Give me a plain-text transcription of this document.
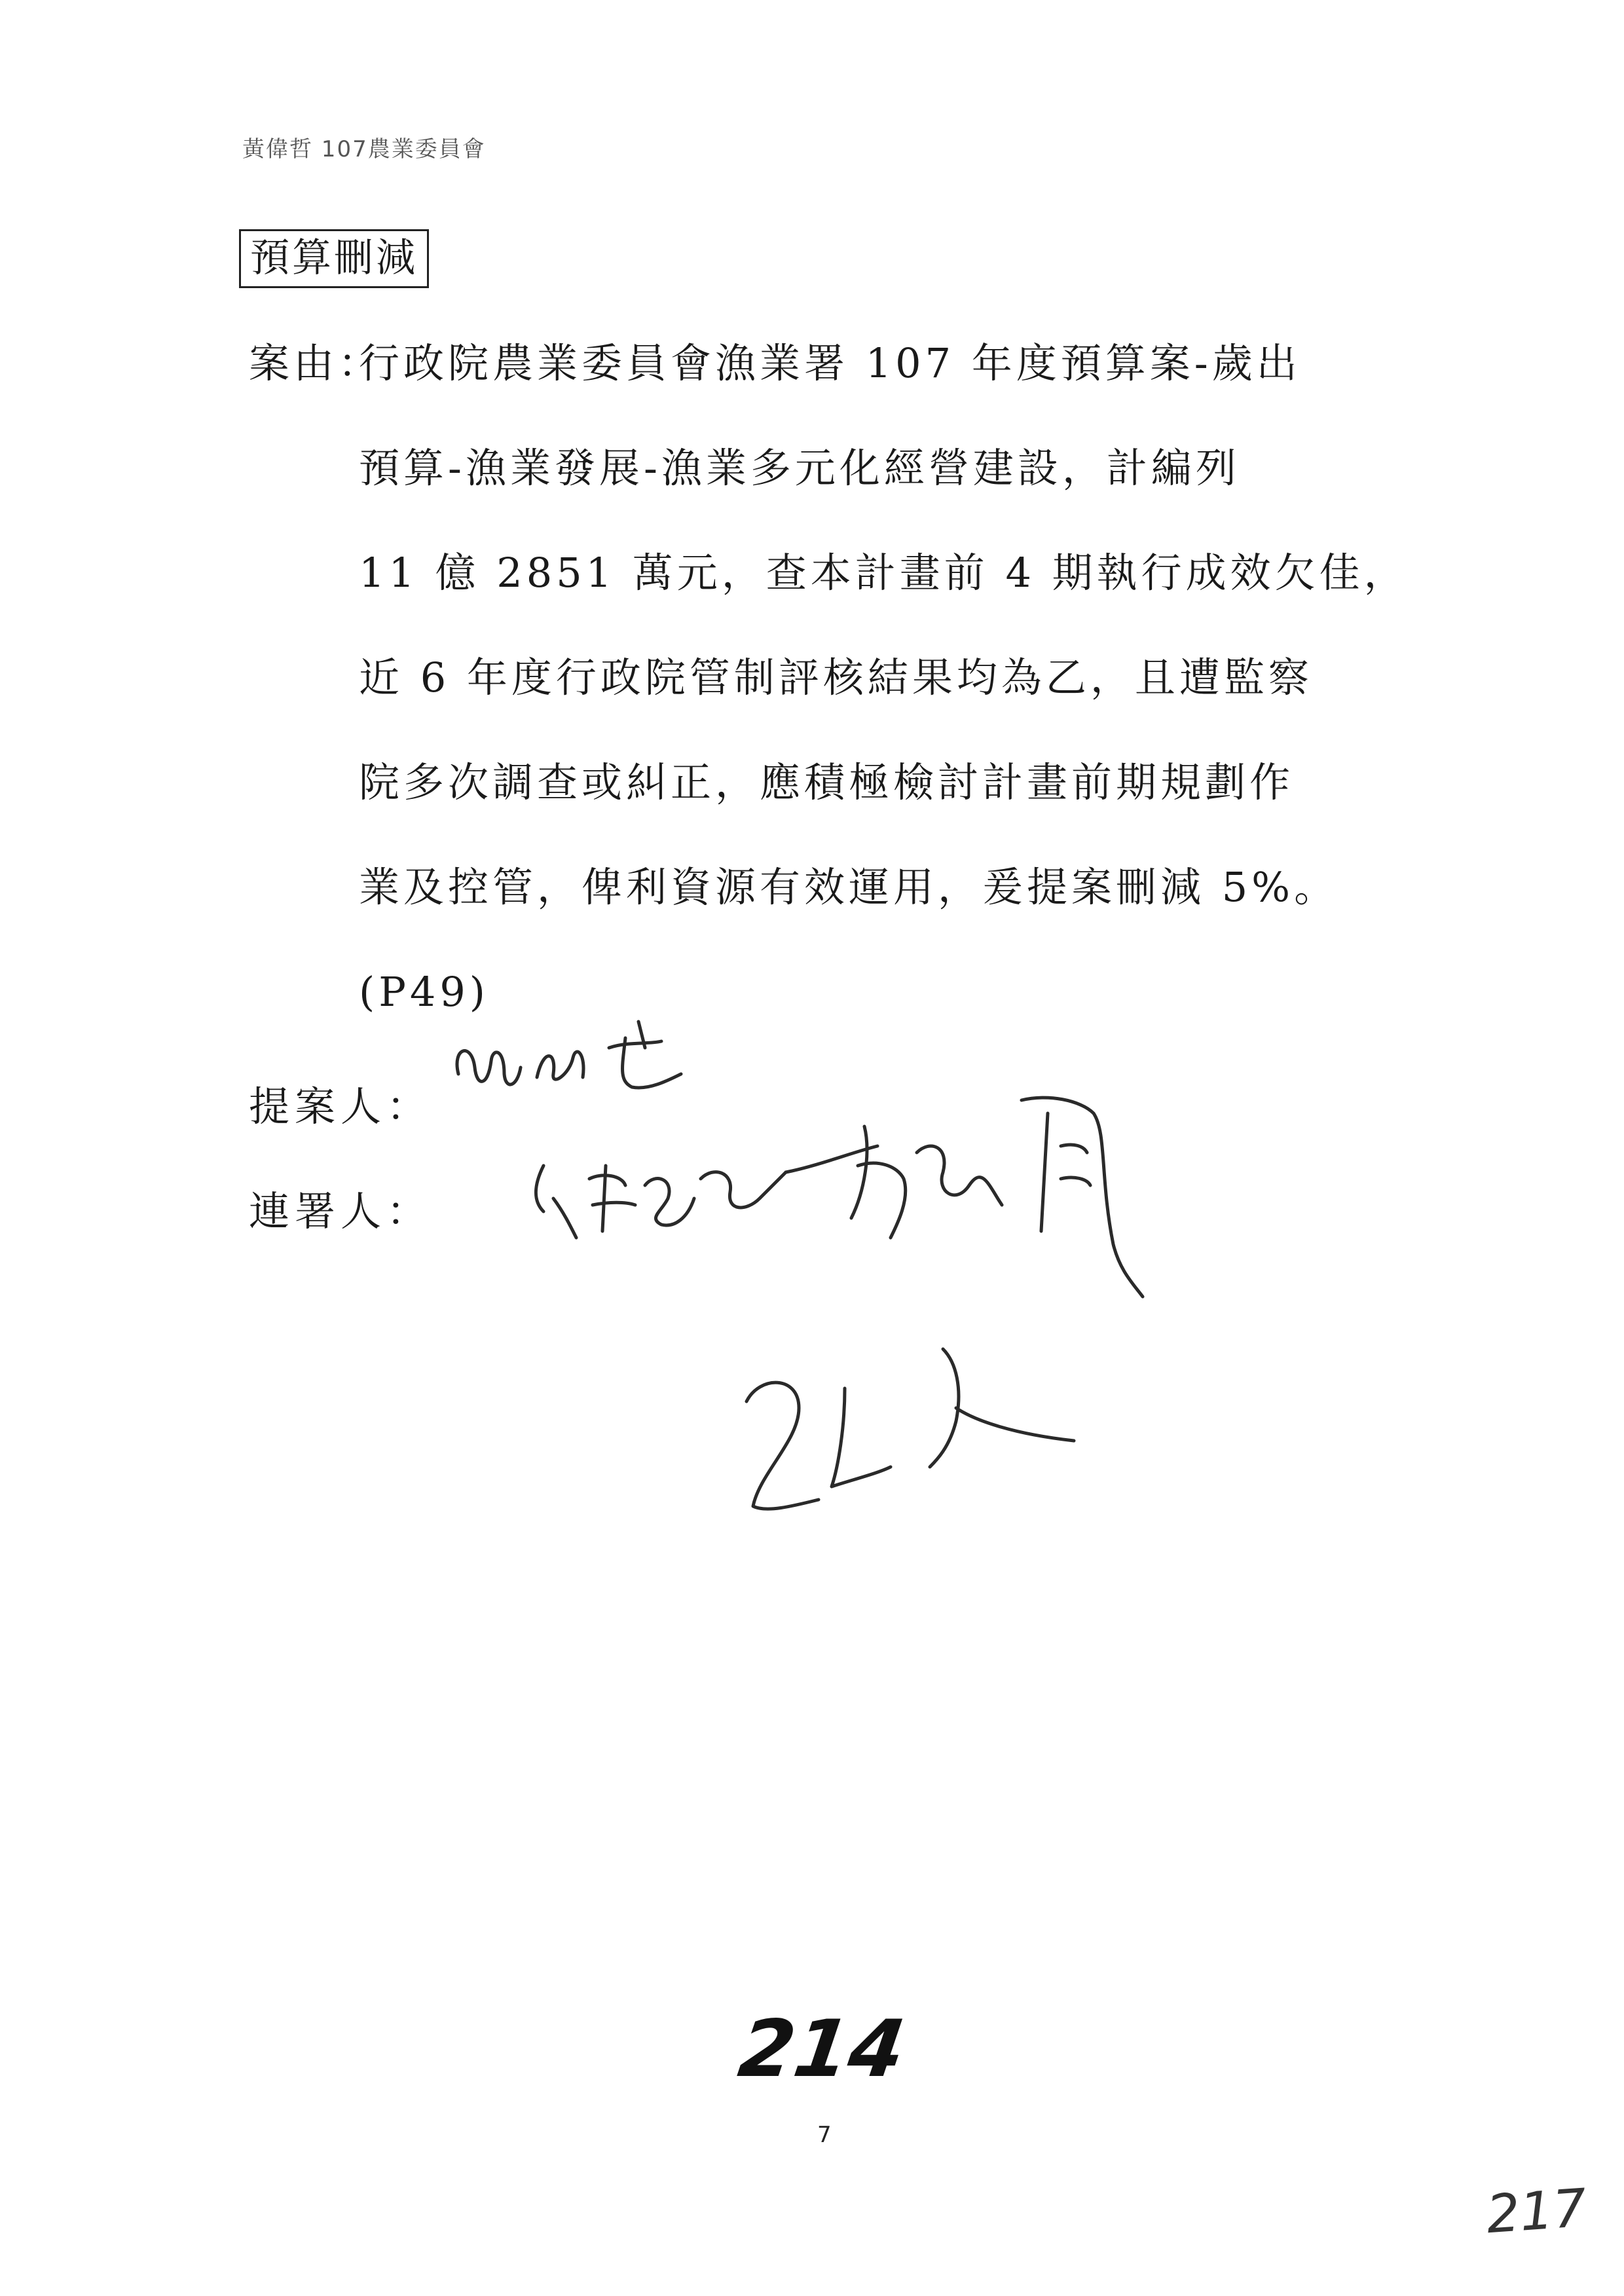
黃偉哲 107農業委員會
預算刪減
案由：
行政院農業委員會漁業署 107 年度預算案-歲出
預算-漁業發展-漁業多元化經營建設，計編列
11 億 2851 萬元，查本計畫前 4 期執行成效欠佳，
近 6 年度行政院管制評核結果均為乙，且遭監察
院多次調查或糾正，應積極檢討計畫前期規劃作
業及控管，俾利資源有效運用，爰提案刪減 5%。
(P49)
提案人：
連署人：
214
7
217
